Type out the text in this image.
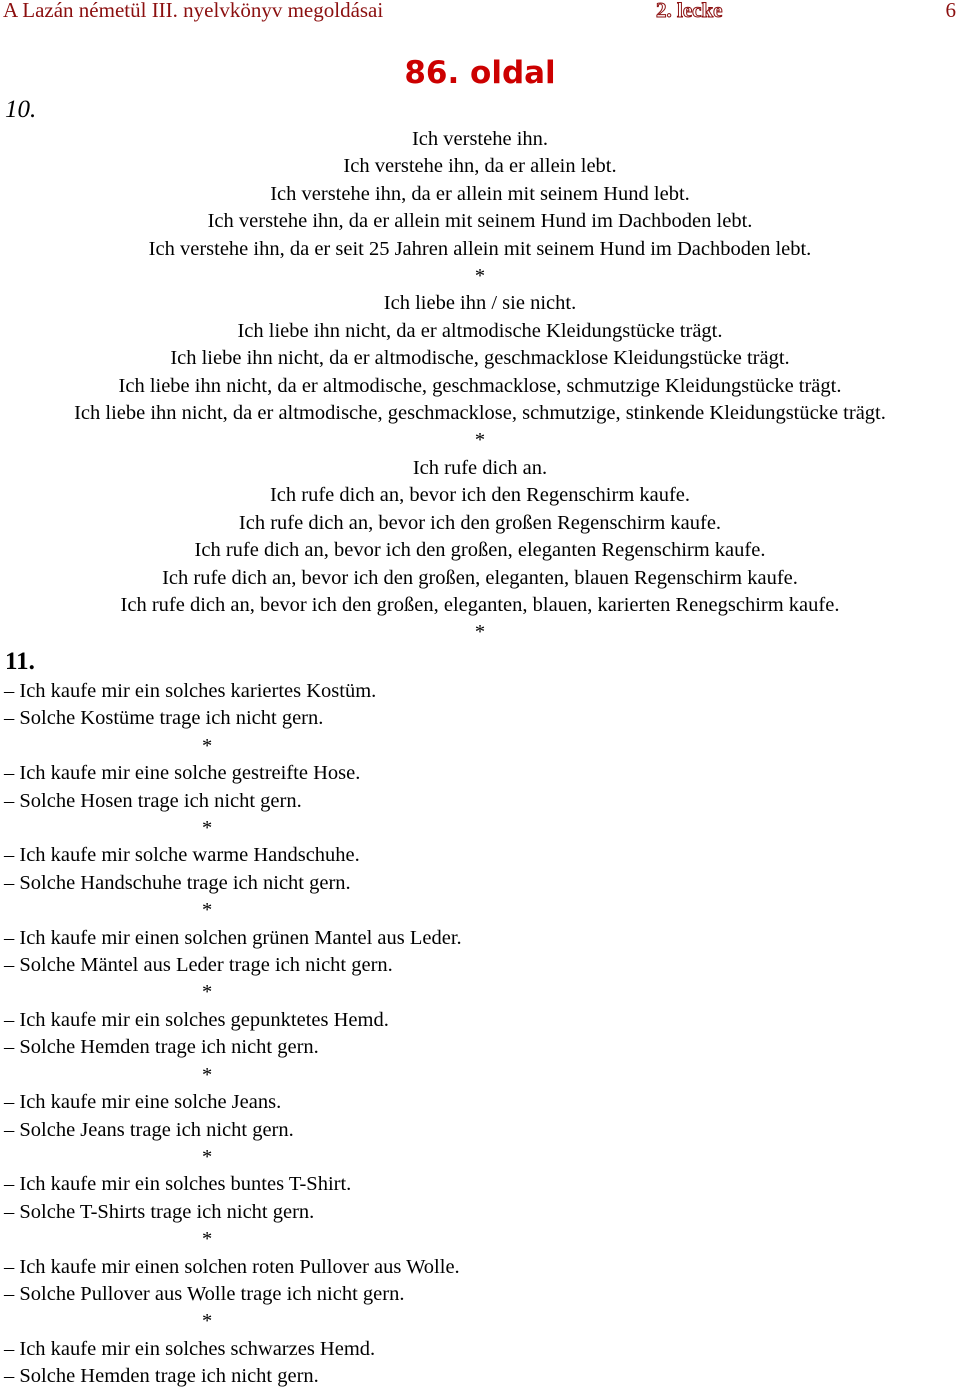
A Lazán németül III. nyelvkönyv megoldásai	2. lecke	6
86. oldal
10.
Ich verstehe ihn.
Ich verstehe ihn, da er allein lebt.
Ich verstehe ihn, da er allein mit seinem Hund lebt.
Ich verstehe ihn, da er allein mit seinem Hund im Dachboden lebt.
Ich verstehe ihn, da er seit 25 Jahren allein mit seinem Hund im Dachboden lebt.
*
Ich liebe ihn / sie nicht.
Ich liebe ihn nicht, da er altmodische Kleidungstücke trägt.
Ich liebe ihn nicht, da er altmodische, geschmacklose Kleidungstücke trägt.
Ich liebe ihn nicht, da er altmodische, geschmacklose, schmutzige Kleidungstücke trägt.
Ich liebe ihn nicht, da er altmodische, geschmacklose, schmutzige, stinkende Kleidungstücke trägt.
*
Ich rufe dich an.
Ich rufe dich an, bevor ich den Regenschirm kaufe.
Ich rufe dich an, bevor ich den großen Regenschirm kaufe.
Ich rufe dich an, bevor ich den großen, eleganten Regenschirm kaufe.
Ich rufe dich an, bevor ich den großen, eleganten, blauen Regenschirm kaufe.
Ich rufe dich an, bevor ich den großen, eleganten, blauen, karierten Renegschirm kaufe.
*
11.
– Ich kaufe mir ein solches kariertes Kostüm.
– Solche Kostüme trage ich nicht gern.
*
– Ich kaufe mir eine solche gestreifte Hose.
– Solche Hosen trage ich nicht gern.
*
– Ich kaufe mir solche warme Handschuhe.
– Solche Handschuhe trage ich nicht gern.
*
– Ich kaufe mir einen solchen grünen Mantel aus Leder.
– Solche Mäntel aus Leder trage ich nicht gern.
*
– Ich kaufe mir ein solches gepunktetes Hemd.
– Solche Hemden trage ich nicht gern.
*
– Ich kaufe mir eine solche Jeans.
– Solche Jeans trage ich nicht gern.
*
– Ich kaufe mir ein solches buntes T-Shirt.
– Solche T-Shirts trage ich nicht gern.
*
– Ich kaufe mir einen solchen roten Pullover aus Wolle.
– Solche Pullover aus Wolle trage ich nicht gern.
*
– Ich kaufe mir ein solches schwarzes Hemd.
– Solche Hemden trage ich nicht gern.
